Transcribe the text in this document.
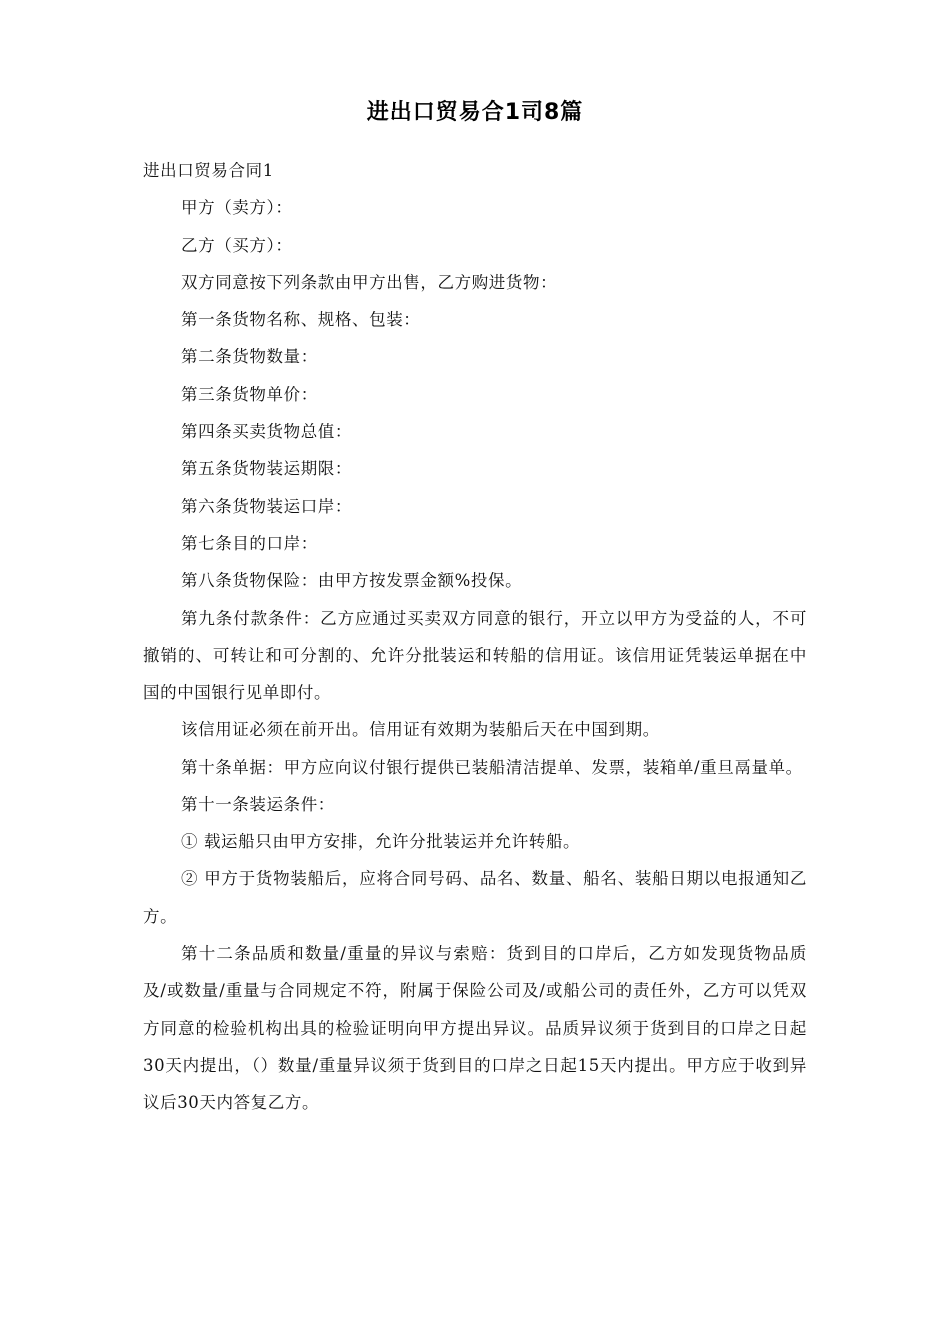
进出口贸易合1司8篇

进出口贸易合同1

甲方（卖方）：

乙方（买方）：

双方同意按下列条款由甲方出售，乙方购进货物：

第一条货物名称、规格、包装：

第二条货物数量：

第三条货物单价：

第四条买卖货物总值：

第五条货物装运期限：

第六条货物装运口岸：

第七条目的口岸：

第八条货物保险：由甲方按发票金额%投保。

第九条付款条件：乙方应通过买卖双方同意的银行，开立以甲方为受益的人，不可撤销的、可转让和可分割的、允许分批装运和转船的信用证。该信用证凭装运单据在中国的中国银行见单即付。

该信用证必须在前开出。信用证有效期为装船后天在中国到期。

第十条单据：甲方应向议付银行提供已装船清洁提单、发票，装箱单/重旦鬲量单。

第十一条装运条件：

① 载运船只由甲方安排，允许分批装运并允许转船。

② 甲方于货物装船后，应将合同号码、品名、数量、船名、装船日期以电报通知乙方。

第十二条品质和数量/重量的异议与索赔：货到目的口岸后，乙方如发现货物品质及/或数量/重量与合同规定不符，附属于保险公司及/或船公司的责任外，乙方可以凭双方同意的检验机构出具的检验证明向甲方提出异议。品质异议须于货到目的口岸之日起30天内提出，（）数量/重量异议须于货到目的口岸之日起15天内提出。甲方应于收到异议后30天内答复乙方。
